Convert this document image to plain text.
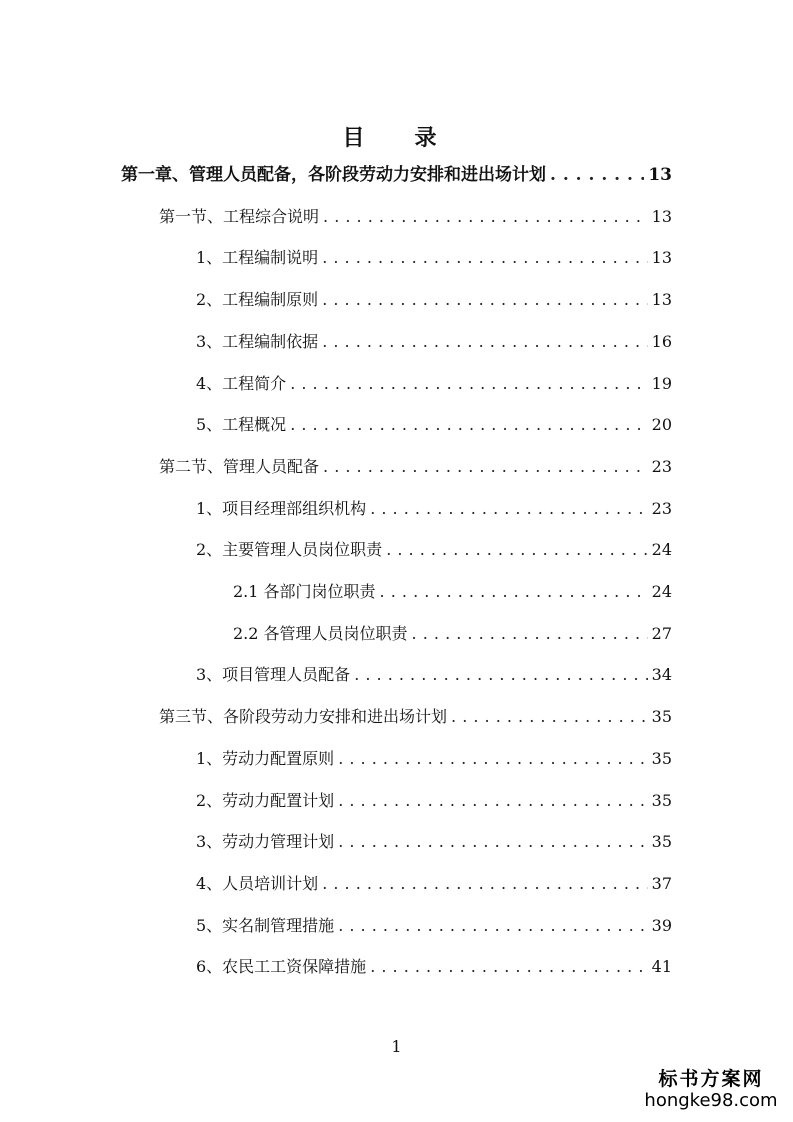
目　录
第一章、管理人员配备，各阶段劳动力安排和进出场计划 . . .	13
第一节、工程综合说明 . . .	13
1、工程编制说明 . . .	13
2、工程编制原则 . . .	13
3、工程编制依据 . . .	16
4、工程简介 . . .	19
5、工程概况 . . .	20
第二节、管理人员配备 . . .	23
1、项目经理部组织机构 . . .	23
2、主要管理人员岗位职责 . . .	24
2.1 各部门岗位职责 . . .	24
2.2 各管理人员岗位职责 . . .	27
3、项目管理人员配备 . . .	34
第三节、各阶段劳动力安排和进出场计划 . . .	35
1、劳动力配置原则 . . .	35
2、劳动力配置计划 . . .	35
3、劳动力管理计划 . . .	35
4、人员培训计划 . . .	37
5、实名制管理措施 . . .	39
6、农民工工资保障措施 . . .	41
1
标书方案网
hongke98.com
